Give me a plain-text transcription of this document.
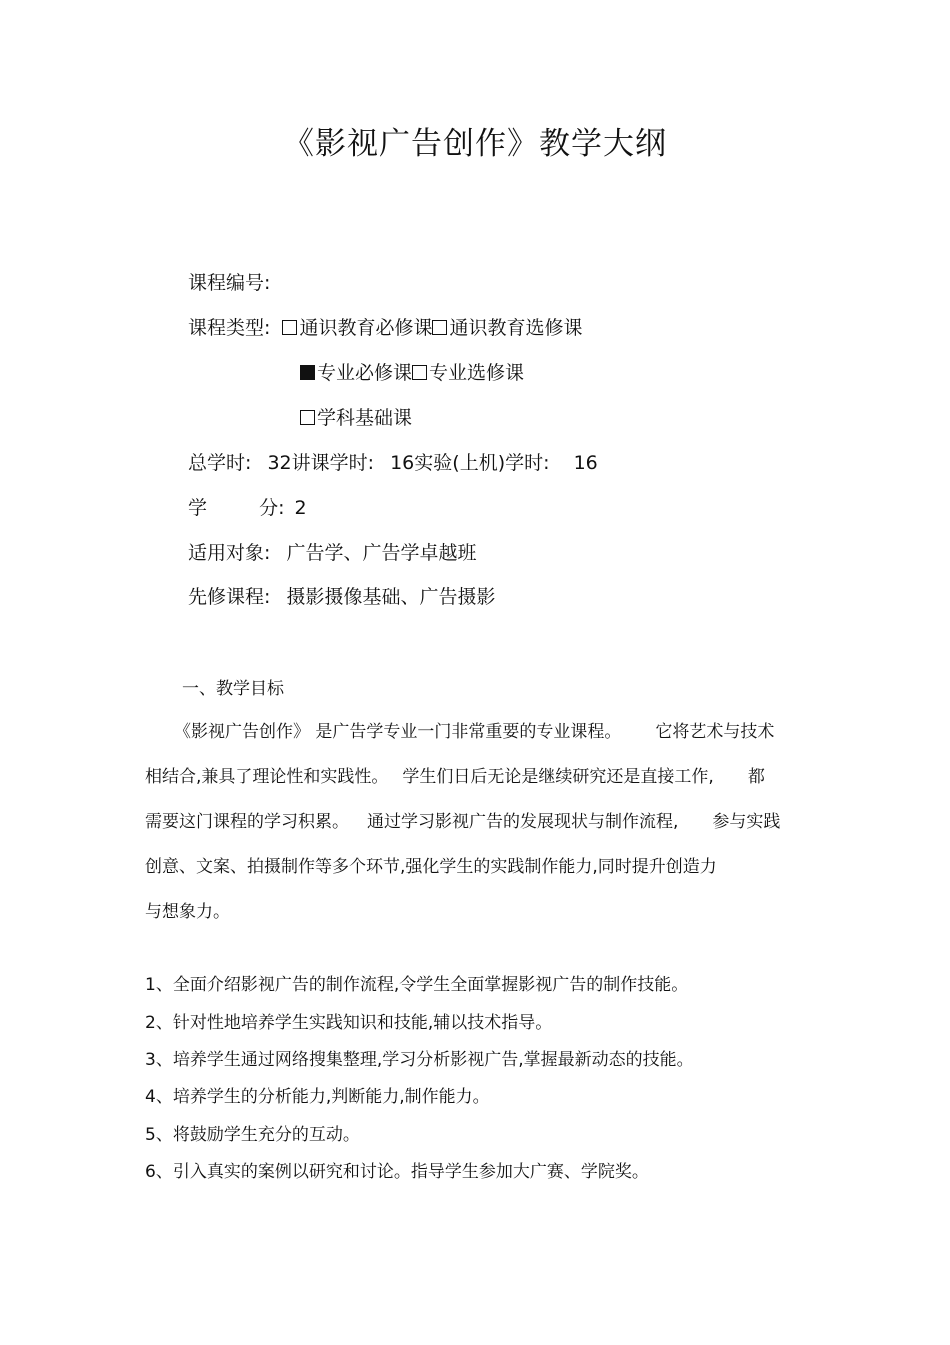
《影视广告创作》教学大纲
课程编号:
课程类型: 通识教育必修课 通识教育选修课
专业必修课 专业选修课
学科基础课
总学时: 32讲课学时: 16实验(上机)学时: 16
学	分: 2
适用对象: 广告学、广告学卓越班
先修课程: 摄影摄像基础、广告摄影
一、教学目标
《影视广告创作》 是广告学专业一门非常重要的专业课程。 它将艺术与技术
相结合,兼具了理论性和实践性。 学生们日后无论是继续研究还是直接工作, 都
需要这门课程的学习积累。 通过学习影视广告的发展现状与制作流程, 参与实践
创意、文案、拍摄制作等多个环节,强化学生的实践制作能力,同时提升创造力
与想象力。
1、全面介绍影视广告的制作流程,令学生全面掌握影视广告的制作技能。
2、针对性地培养学生实践知识和技能,辅以技术指导。
3、培养学生通过网络搜集整理,学习分析影视广告,掌握最新动态的技能。
4、培养学生的分析能力,判断能力,制作能力。
5、将鼓励学生充分的互动。
6、引入真实的案例以研究和讨论。指导学生参加大广赛、学院奖。
